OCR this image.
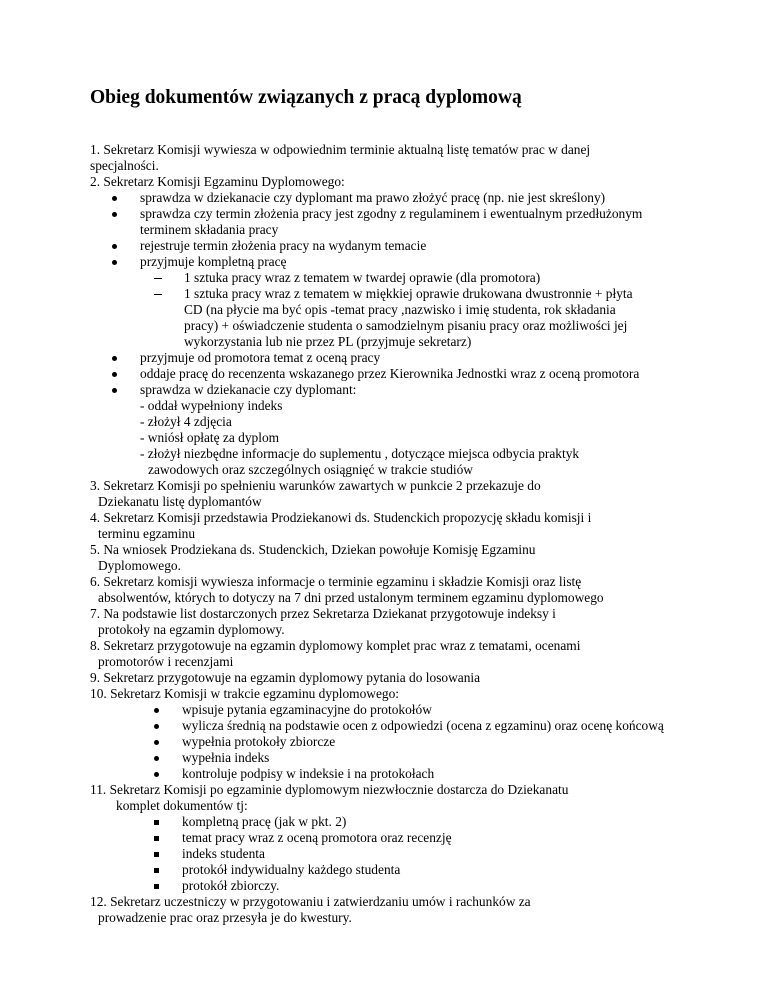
Obieg dokumentów związanych z pracą dyplomową
1. Sekretarz Komisji wywiesza w odpowiednim terminie aktualną listę tematów prac w danej
specjalności.
2. Sekretarz Komisji Egzaminu Dyplomowego:
sprawdza w dziekanacie czy dyplomant ma prawo złożyć pracę (np. nie jest skreślony)
sprawdza czy termin złożenia pracy jest zgodny z regulaminem i ewentualnym przedłużonym
terminem składania pracy
rejestruje termin złożenia pracy na wydanym temacie
przyjmuje kompletną pracę
1 sztuka pracy wraz z tematem w twardej oprawie (dla promotora)
1 sztuka pracy wraz z tematem w miękkiej oprawie drukowana dwustronnie + płyta
CD (na płycie ma być opis -temat pracy ,nazwisko i imię studenta, rok składania
pracy) + oświadczenie studenta o samodzielnym pisaniu pracy oraz możliwości jej
wykorzystania lub nie przez PL (przyjmuje sekretarz)
przyjmuje od promotora temat z oceną pracy
oddaje pracę do recenzenta wskazanego przez Kierownika Jednostki wraz z oceną promotora
sprawdza w dziekanacie czy dyplomant:
- oddał wypełniony indeks
- złożył 4 zdjęcia
- wniósł opłatę za dyplom
- złożył niezbędne informacje do suplementu , dotyczące miejsca odbycia praktyk
zawodowych oraz szczególnych osiągnięć w trakcie studiów
3. Sekretarz Komisji po spełnieniu warunków zawartych w punkcie 2 przekazuje do
Dziekanatu listę dyplomantów
4. Sekretarz Komisji przedstawia Prodziekanowi ds. Studenckich propozycję składu komisji i
terminu egzaminu
5. Na wniosek Prodziekana ds. Studenckich, Dziekan powołuje Komisję Egzaminu
Dyplomowego.
6. Sekretarz komisji wywiesza informacje o terminie egzaminu i składzie Komisji oraz listę
absolwentów, których to dotyczy na 7 dni przed ustalonym terminem egzaminu dyplomowego
7. Na podstawie list dostarczonych przez Sekretarza Dziekanat przygotowuje indeksy i
protokoły na egzamin dyplomowy.
8. Sekretarz przygotowuje na egzamin dyplomowy komplet prac wraz z tematami, ocenami
promotorów i recenzjami
9. Sekretarz przygotowuje na egzamin dyplomowy pytania do losowania
10. Sekretarz Komisji w trakcie egzaminu dyplomowego:
wpisuje pytania egzaminacyjne do protokołów
wylicza średnią na podstawie ocen z odpowiedzi (ocena z egzaminu) oraz ocenę końcową
wypełnia protokoły zbiorcze
wypełnia indeks
kontroluje podpisy w indeksie i na protokołach
11. Sekretarz Komisji po egzaminie dyplomowym niezwłocznie dostarcza do Dziekanatu
komplet dokumentów tj:
kompletną pracę (jak w pkt. 2)
temat pracy wraz z oceną promotora oraz recenzję
indeks studenta
protokół indywidualny każdego studenta
protokół zbiorczy.
12. Sekretarz uczestniczy w przygotowaniu i zatwierdzaniu umów i rachunków za
prowadzenie prac oraz przesyła je do kwestury.
